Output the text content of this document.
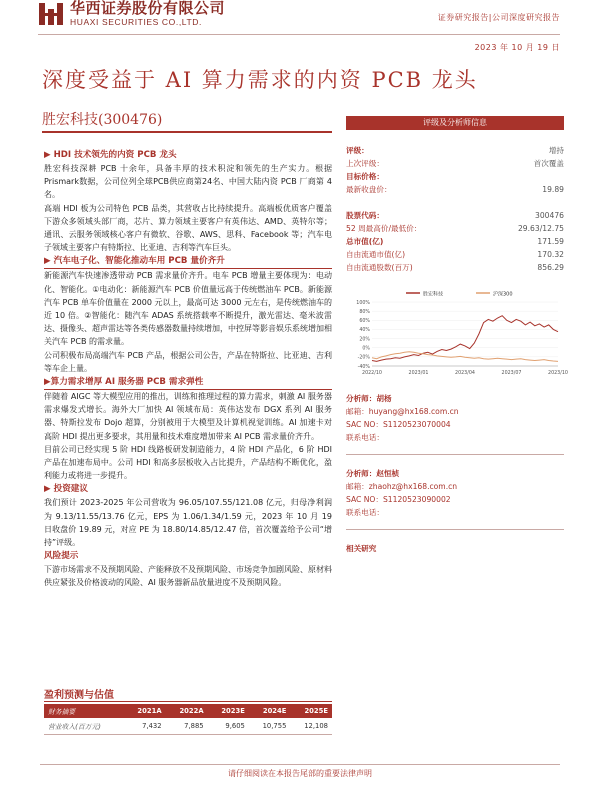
华西证券股份有限公司
HUAXI SECURITIES CO.,LTD.	证券研究报告|公司深度研究报告
2023 年 10 月 19 日
深度受益于 AI 算力需求的内资 PCB 龙头
胜宏科技(300476)
▶ HDI 技术领先的内资 PCB 龙头
胜宏科技深耕 PCB 十余年，具备丰厚的技术积淀和领先的生产实力。根据Prismark数据，公司位列全球PCB供应商第24名、中国大陆内资 PCB 厂商第 4 名。
高端 HDI 板为公司特色 PCB 品类，其营收占比持续提升。高端板优质客户覆盖下游众多领域头部厂商，芯片、算力领域主要客户有英伟达、AMD、英特尔等；通讯、云服务领域核心客户有微软、谷歌、AWS、思科、Facebook 等；汽车电子领域主要客户有特斯拉、比亚迪、吉利等汽车巨头。
▶ 汽车电子化、智能化推动车用 PCB 量价齐升
新能源汽车快速渗透带动 PCB 需求量价齐升。电车 PCB 增量主要体现为：电动化、智能化。①电动化：新能源汽车 PCB 价值量远高于传统燃油车 PCB。新能源汽车 PCB 单车价值量在 2000 元以上，最高可达 3000 元左右，是传统燃油车的近 10 倍。②智能化：随汽车 ADAS 系统搭载率不断提升，激光雷达、毫米波雷达、摄像头、超声雷达等各类传感器数量持续增加，中控屏等影音娱乐系统增加相关汽车 PCB 的需求量。
公司积极布局高端汽车 PCB 产品，根据公司公告，产品在特斯拉、比亚迪、吉利等车企上量。
▶算力需求增厚 AI 服务器 PCB 需求弹性
伴随着 AIGC 等大模型应用的推出，训练和推理过程的算力需求，刺激 AI 服务器需求爆发式增长。海外大厂加快 AI 领域布局：英伟达发布 DGX 系列 AI 服务器、特斯拉发布 Dojo 超算，分别被用于大模型及计算机视觉训练。AI 加速卡对高阶 HDI 提出更多要求，其用量和技术难度增加带来 AI PCB 需求量价齐升。
目前公司已经实现 5 阶 HDI 线路板研发制造能力，4 阶 HDI 产品化，6 阶 HDI 产品在加速布局中。公司 HDI 和高多层板收入占比提升，产品结构不断优化，盈利能力或将进一步提升。
▶ 投资建议
我们预计 2023-2025 年公司营收为 96.05/107.55/121.08 亿元，归母净利润为 9.13/11.55/13.76 亿元，EPS 为 1.06/1.34/1.59 元，2023 年 10 月 19 日收盘价 19.89 元，对应 PE 为 18.80/14.85/12.47 倍，首次覆盖给予公司“增持”评级。
风险提示
下游市场需求不及预期风险、产能释放不及预期风险、市场竞争加剧风险、原材料供应紧张及价格波动的风险、AI 服务器新品放量进度不及预期风险。
评级及分析师信息
评级：	增持
上次评级：	首次覆盖
目标价格：
最新收盘价：	19.89
股票代码：	300476
52 周最高价/最低价：	29.63/12.75
总市值(亿)	171.59
自由流通市值(亿)	170.32
自由流通股数(百万)	856.29
胜宏科技	沪深300
100%
80%
60%
40%
20%
0%
-20%
-40%
2022/10	2023/01	2023/04	2023/07	2023/10
分析师：胡杨
邮箱：huyang@hx168.com.cn
SAC NO：S1120523070004
联系电话：
分析师：赵恒桢
邮箱：zhaohz@hx168.com.cn
SAC NO：S1120523090002
联系电话：
相关研究
盈利预测与估值
财务摘要	2021A	2022A	2023E	2024E	2025E
营业收入(百万元)	7,432	7,885	9,605	10,755	12,108
请仔细阅读在本报告尾部的重要法律声明
